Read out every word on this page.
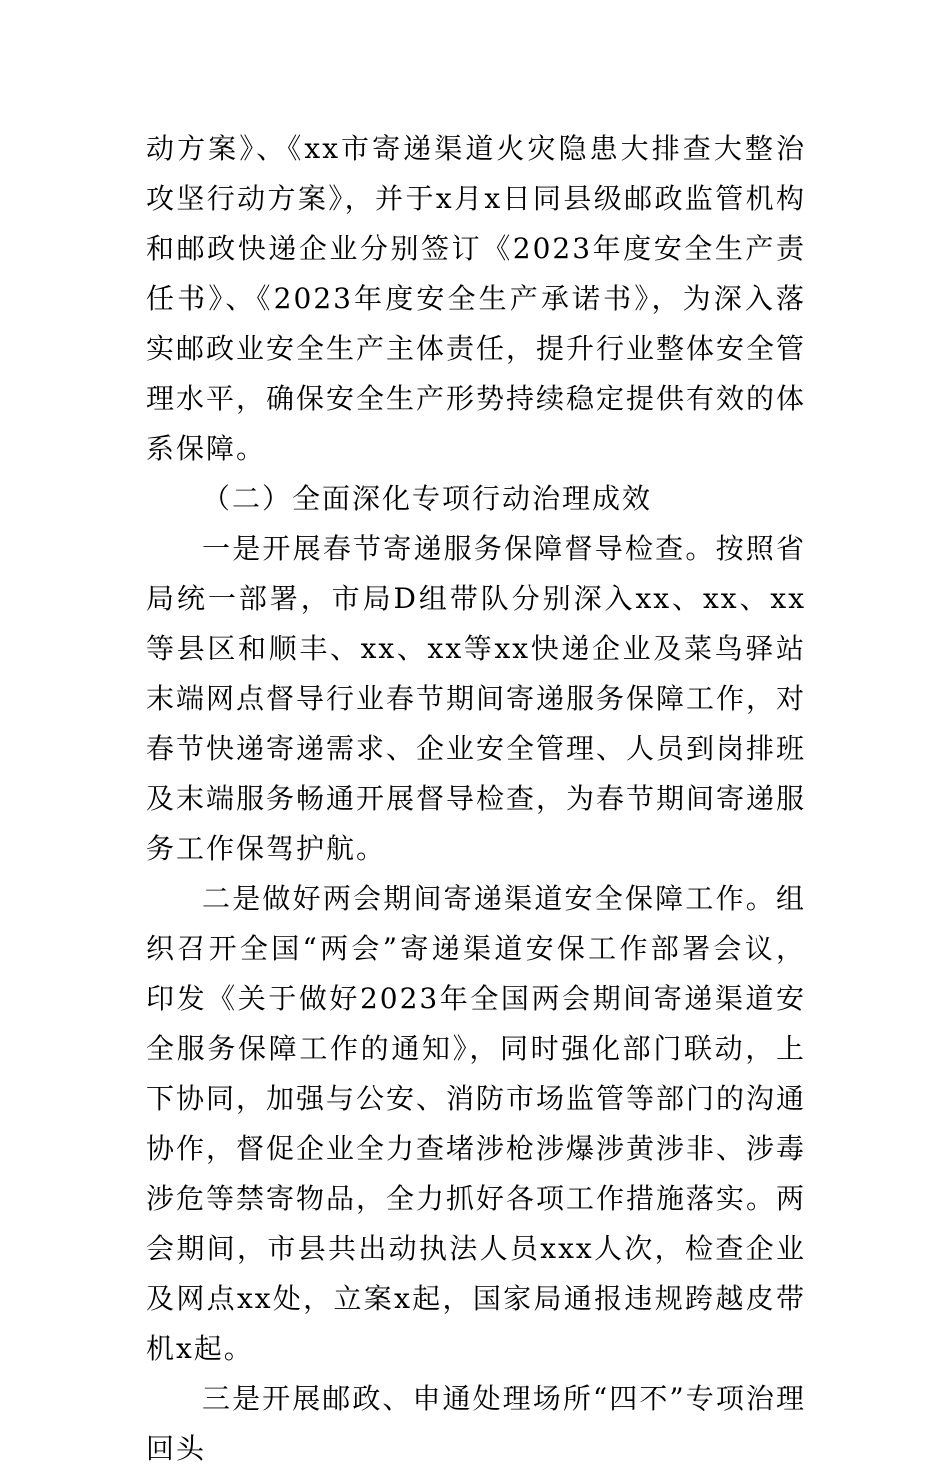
动方案》、《xx市寄递渠道火灾隐患大排查大整治攻坚行动方案》，并于x月x日同县级邮政监管机构和邮政快递企业分别签订《2023年度安全生产责任书》、《2023年度安全生产承诺书》，为深入落实邮政业安全生产主体责任，提升行业整体安全管理水平，确保安全生产形势持续稳定提供有效的体系保障。

（二）全面深化专项行动治理成效

一是开展春节寄递服务保障督导检查。按照省局统一部署，市局D组带队分别深入xx、xx、xx等县区和顺丰、xx、xx等xx快递企业及菜鸟驿站末端网点督导行业春节期间寄递服务保障工作，对春节快递寄递需求、企业安全管理、人员到岗排班及末端服务畅通开展督导检查，为春节期间寄递服务工作保驾护航。

二是做好两会期间寄递渠道安全保障工作。组织召开全国“两会”寄递渠道安保工作部署会议，印发《关于做好2023年全国两会期间寄递渠道安全服务保障工作的通知》，同时强化部门联动，上下协同，加强与公安、消防市场监管等部门的沟通协作，督促企业全力查堵涉枪涉爆涉黄涉非、涉毒涉危等禁寄物品，全力抓好各项工作措施落实。两会期间，市县共出动执法人员xxx人次，检查企业及网点xx处，立案x起，国家局通报违规跨越皮带机x起。

三是开展邮政、申通处理场所“四不”专项治理回头
